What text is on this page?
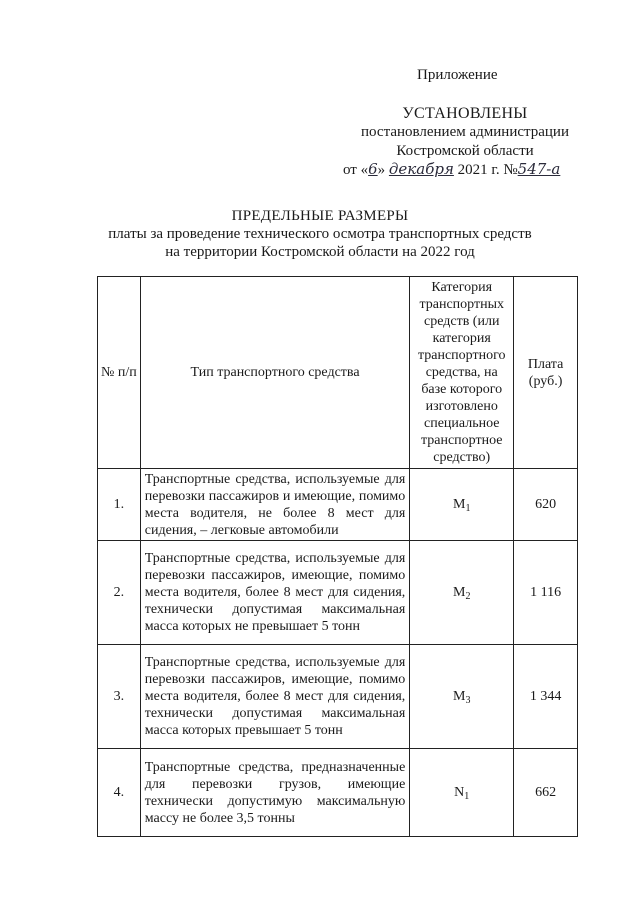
Приложение
УСТАНОВЛЕНЫ
постановлением администрации
Костромской области
от «6» декабря 2021 г. №547-а
ПРЕДЕЛЬНЫЕ РАЗМЕРЫ
платы за проведение технического осмотра транспортных средств
на территории Костромской области на 2022 год
№ п/п	Тип транспортного средства	Категория транспортных средств (или категория транспортного средства, на базе которого изготовлено специальное транспортное средство)	Плата (руб.)

1.	Транспортные средства, используемые для перевозки пассажиров и имеющие, помимо места водителя, не более 8 мест для сидения, – легковые автомобили	$M_1$	620
2.	Транспортные средства, используемые для перевозки пассажиров, имеющие, помимо места водителя, более 8 мест для сидения, технически допустимая максимальная масса которых не превышает 5 тонн	$M_2$	1 116
3.	Транспортные средства, используемые для перевозки пассажиров, имеющие, помимо места водителя, более 8 мест для сидения, технически допустимая максимальная масса которых превышает 5 тонн	$M_3$	1 344
4.	Транспортные средства, предназначенные для перевозки грузов, имеющие технически допустимую максимальную массу не более 3,5 тонны	$N_1$	662
